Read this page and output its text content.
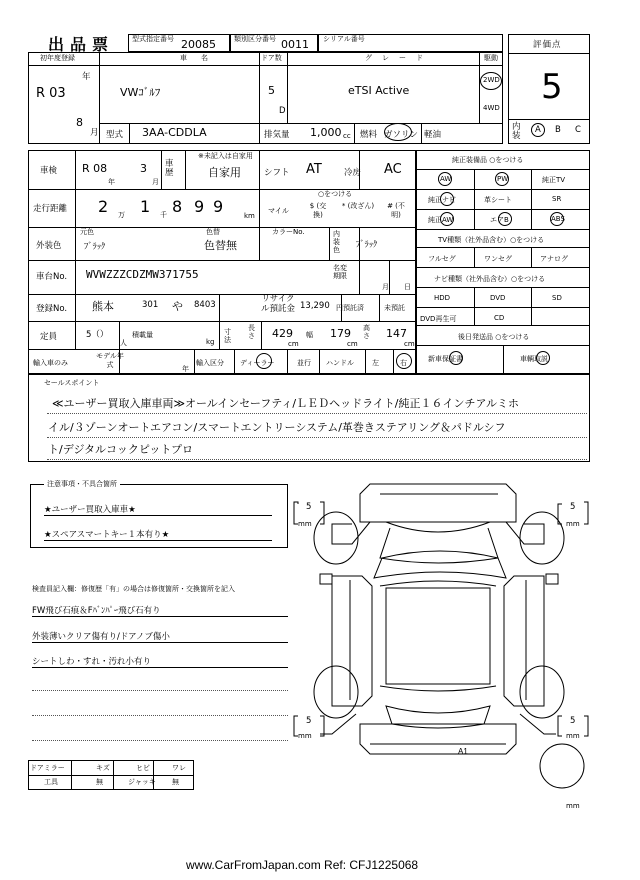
出品票	型式指定番号 20085	類別区分番号 0011 シリアル番号
評価点
5
内装
A B C
初年度登録
年
R 03
8
月
車名
VWｺﾞﾙﾌ
ドア数
5
D
グレード
eTSI Active
駆動
2WD
4WD
型式 3AA-CDDLA	排気量 1,000 cc 燃料 ガソリン 軽油
車検 R 08
年
3
月
車歴
※未記入は自家用
自家用	シフト AT	冷房 AC
走行距離 2 万 1 千 8 9 9	km
○をつける
マイル
$ (交換)
* (改ざん)	# (不明)
外装色
元色
ﾌﾞﾗｯｸ
色替
色替無
カラーNo.	内装色	ﾌﾞﾗｯｸ
車台No. WVWZZZCDZMW371755	名変期限
月 日
登録No. 熊本	301 や 8403
リサイクル預託金 13,290 円預託済	未預託
定員	5（）
人
積載量
kg
寸法
長さ 429
cm
幅 179
cm
高さ 147
cm
輸入車のみ
モデル年式	年
輸入区分 ディーラー	並行 ハンドル	左	右
純正装備品 ○をつける
AW	PW	純正TV
純正ナビ	革シート	SR
純正AW	エアB	ABS
TV種類（社外品含む）○をつける
フルセグ	ワンセグ	アナログ
ナビ種類（社外品含む）○をつける
HDD	DVD	SD
DVD再生可	CD
後日発送品 ○をつける
新車保証書	車輌取説
セールスポイント
≪ユーザー買取入庫車両≫オールインセーフティ/ＬＥＤヘッドライト/純正１６インチアルミホ
イル/３ゾーンオートエアコン/スマートエントリーシステム/革巻きステアリング＆パドルシフ
ト/デジタルコックピットプロ
注意事項・不具合箇所
★ユーザー買取入庫車★
★スペアスマートキー１本有り★
検査員記入欄：修復歴「有」の場合は修復箇所・交換箇所を記入
FW飛び石痕＆Fﾊﾞﾝﾊﾟｰ飛び石有り
外装薄いクリア傷有り/ドアノブ傷小
シートしわ・すれ・汚れ小有り
ドアミラー	キズ	ヒビ	ワレ
工具	無	ジャッキ 無
5
mm
5
mm
5
mm
5
mm
mm
A1
www.CarFromJapan.com Ref: CFJ1225068
